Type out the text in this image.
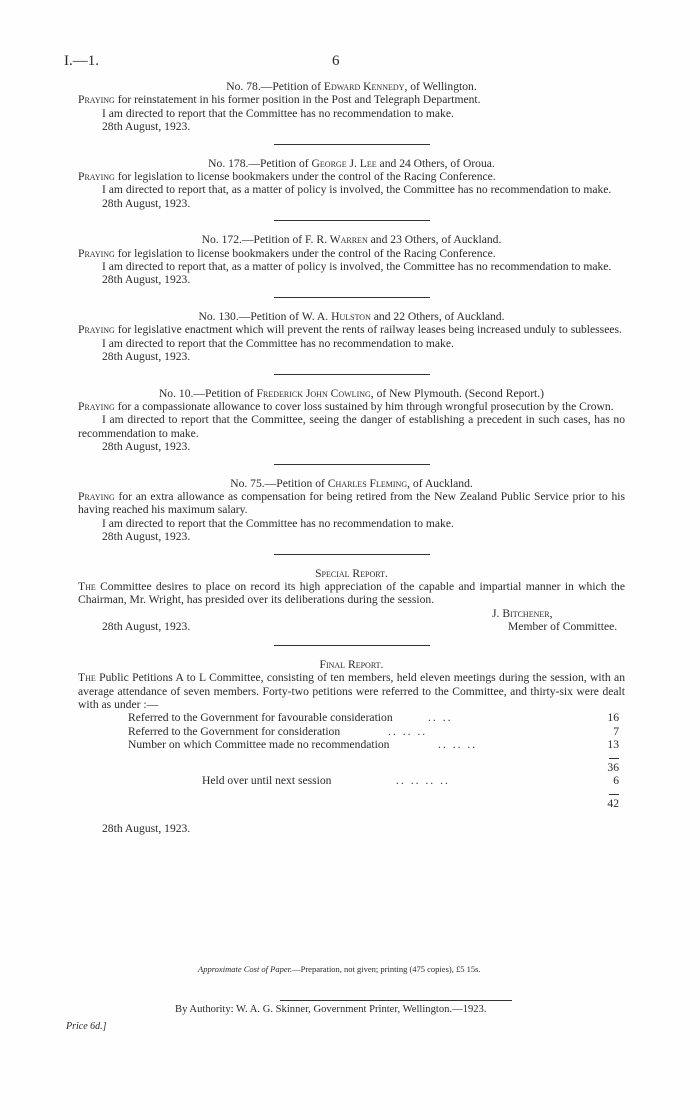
I.—1.	6
No. 78.—Petition of Edward Kennedy, of Wellington.
Praying for reinstatement in his former position in the Post and Telegraph Department.
I am directed to report that the Committee has no recommendation to make.
28th August, 1923.
No. 178.—Petition of George J. Lee and 24 Others, of Oroua.
Praying for legislation to license bookmakers under the control of the Racing Conference.
I am directed to report that, as a matter of policy is involved, the Committee has no recommendation to make.
28th August, 1923.
No. 172.—Petition of F. R. Warren and 23 Others, of Auckland.
Praying for legislation to license bookmakers under the control of the Racing Conference.
I am directed to report that, as a matter of policy is involved, the Committee has no recommendation to make.
28th August, 1923.
No. 130.—Petition of W. A. Hulston and 22 Others, of Auckland.
Praying for legislative enactment which will prevent the rents of railway leases being increased unduly to sublessees.
I am directed to report that the Committee has no recommendation to make.
28th August, 1923.
No. 10.—Petition of Frederick John Cowling, of New Plymouth. (Second Report.)
Praying for a compassionate allowance to cover loss sustained by him through wrongful prosecution by the Crown.
I am directed to report that the Committee, seeing the danger of establishing a precedent in such cases, has no recommendation to make.
28th August, 1923.
No. 75.—Petition of Charles Fleming, of Auckland.
Praying for an extra allowance as compensation for being retired from the New Zealand Public Service prior to his having reached his maximum salary.
I am directed to report that the Committee has no recommendation to make.
28th August, 1923.
Special Report.
The Committee desires to place on record its high appreciation of the capable and impartial manner in which the Chairman, Mr. Wright, has presided over its deliberations during the session.
J. Bitchener,
Member of Committee.
28th August, 1923.
Final Report.
The Public Petitions A to L Committee, consisting of ten members, held eleven meetings during the session, with an average attendance of seven members. Forty-two petitions were referred to the Committee, and thirty-six were dealt with as under :—
Referred to the Government for favourable consideration	.. ..	16
Referred to the Government for consideration	.. .. ..	7
Number on which Committee made no recommendation	.. .. ..	13
36
Held over until next session	.. .. .. ..	6
42
28th August, 1923.
Approximate Cost of Paper.—Preparation, not given; printing (475 copies), £5 15s.
By Authority: W. A. G. Skinner, Government Printer, Wellington.—1923.
Price 6d.]
